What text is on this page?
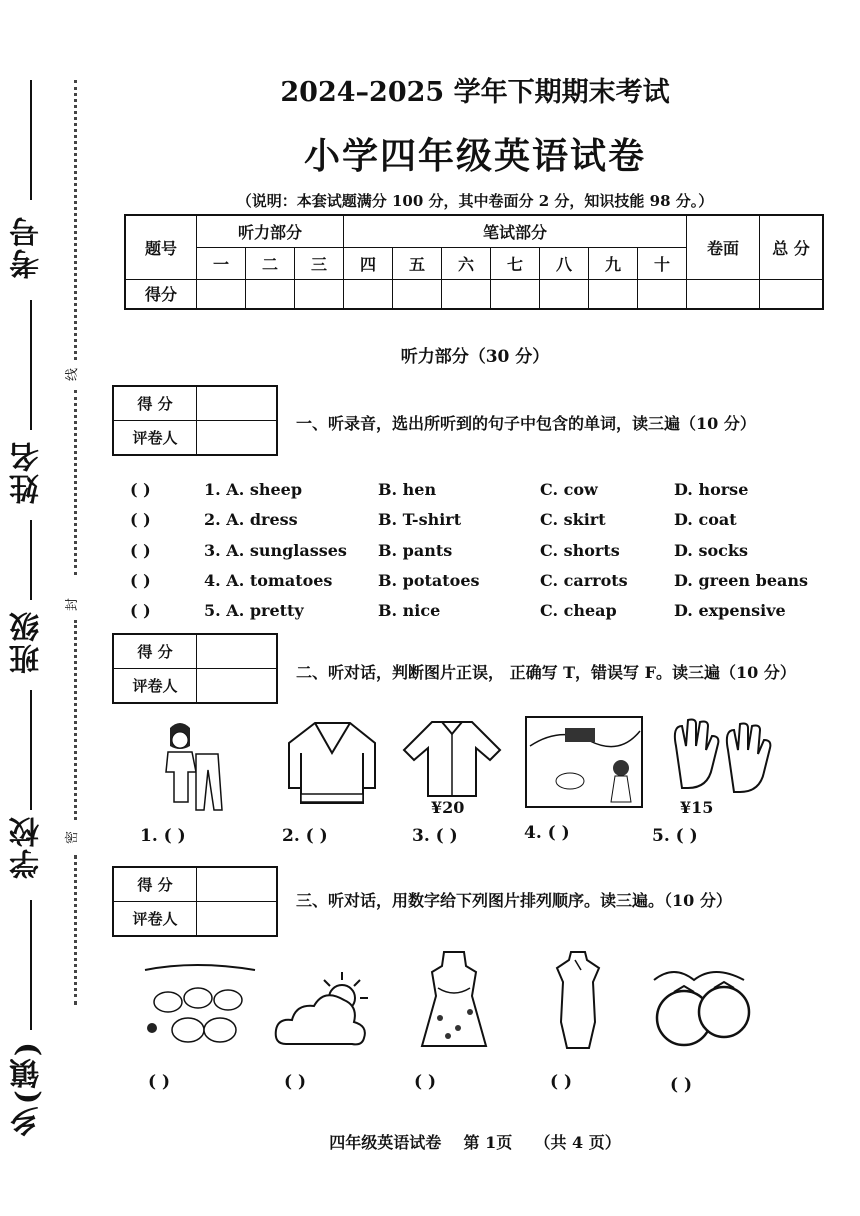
考号
姓名
班级
学校
乡(镇)
线
封
密
2024–2025 学年下期期末考试
小学四年级英语试卷
（说明：本套试题满分 100 分，其中卷面分 2 分，知识技能 98 分。）
题号	听力部分			笔试部分							卷面	总 分
	一	二	三	四	五	六	七	八	九	十		
得分												
听力部分（30 分）
得 分	
评卷人	
一、听录音，选出所听到的句子中包含的单词，读三遍（10 分）
( )	1. A. sheep	B. hen	C. cow	D. horse
( )	2. A. dress	B. T-shirt	C. skirt	D. coat
( )	3. A. sunglasses B. pants	C. shorts	D. socks
( )	4. A. tomatoes	B. potatoes	C. carrots	D. green beans
( )	5. A. pretty	B. nice	C. cheap	D. expensive
得 分	
评卷人	
二、听对话，判断图片正误， 正确写 T，错误写 F。读三遍（10 分）
¥20	¥15
1. ( )	2. ( )	3. ( )	4. ( )	5. ( )
得 分	
评卷人	
三、听对话，用数字给下列图片排列顺序。读三遍。（10 分）
( )	( )	( )	( )	( )
四年级英语试卷    第 1页    （共 4 页）
